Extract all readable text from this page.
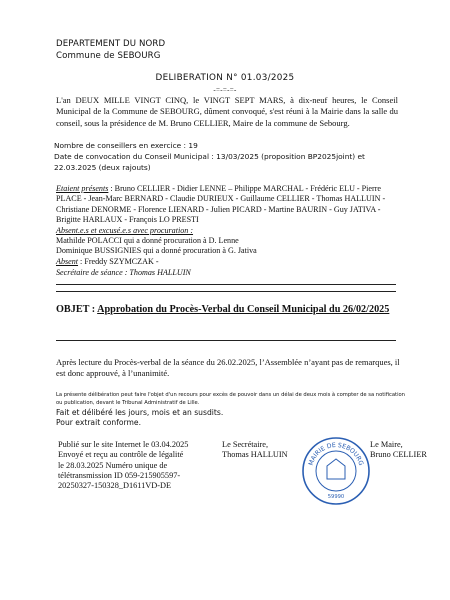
DEPARTEMENT DU NORD
Commune de SEBOURG
DELIBERATION N° 01.03/2025
-=-=-=-
L'an DEUX MILLE VINGT CINQ, le VINGT SEPT MARS, à dix-neuf heures, le Conseil Municipal de la Commune de SEBOURG, dûment convoqué, s'est réuni à la Mairie dans la salle du conseil, sous la présidence de M. Bruno CELLIER, Maire de la commune de Sebourg.
Nombre de conseillers en exercice : 19
Date de convocation du Conseil Municipal : 13/03/2025 (proposition BP2025joint) et 22.03.2025 (deux rajouts)
Etaient présents : Bruno CELLIER - Didier LENNE – Philippe MARCHAL - Frédéric ELU - Pierre PLACE - Jean-Marc BERNARD - Claudie DURIEUX - Guillaume CELLIER - Thomas HALLUIN - Christiane DENORME - Florence LIENARD - Julien PICARD - Martine BAURIN - Guy JATIVA - Brigitte HARLAUX - François LO PRESTI
Absent.e.s et excusé.e.s avec procuration :
Mathilde POLACCI qui a donné procuration à D. Lenne
Dominique BUSSIGNIES qui a donné procuration à G. Jativa
Absent : Freddy SZYMCZAK -
Secrétaire de séance : Thomas HALLUIN
OBJET : Approbation du Procès-Verbal du Conseil Municipal du 26/02/2025
Après lecture du Procès-verbal de la séance du 26.02.2025, l’Assemblée n’ayant pas de remarques, il est donc approuvé, à l’unanimité.
La présente délibération peut faire l'objet d'un recours pour excès de pouvoir dans un délai de deux mois à compter de sa notification ou publication, devant le Tribunal Administratif de Lille.
Fait et délibéré les jours, mois et an susdits.
Pour extrait conforme.
Publié sur le site Internet le 03.04.2025
Envoyé et reçu au contrôle de légalité
le 28.03.2025 Numéro unique de
télétransmission ID 059-215905597-
20250327-150328_D1611VD-DE
Le Secrétaire,
Thomas HALLUIN
MAIRIE DE SEBOURG
59990
Le Maire,
Bruno CELLIER
